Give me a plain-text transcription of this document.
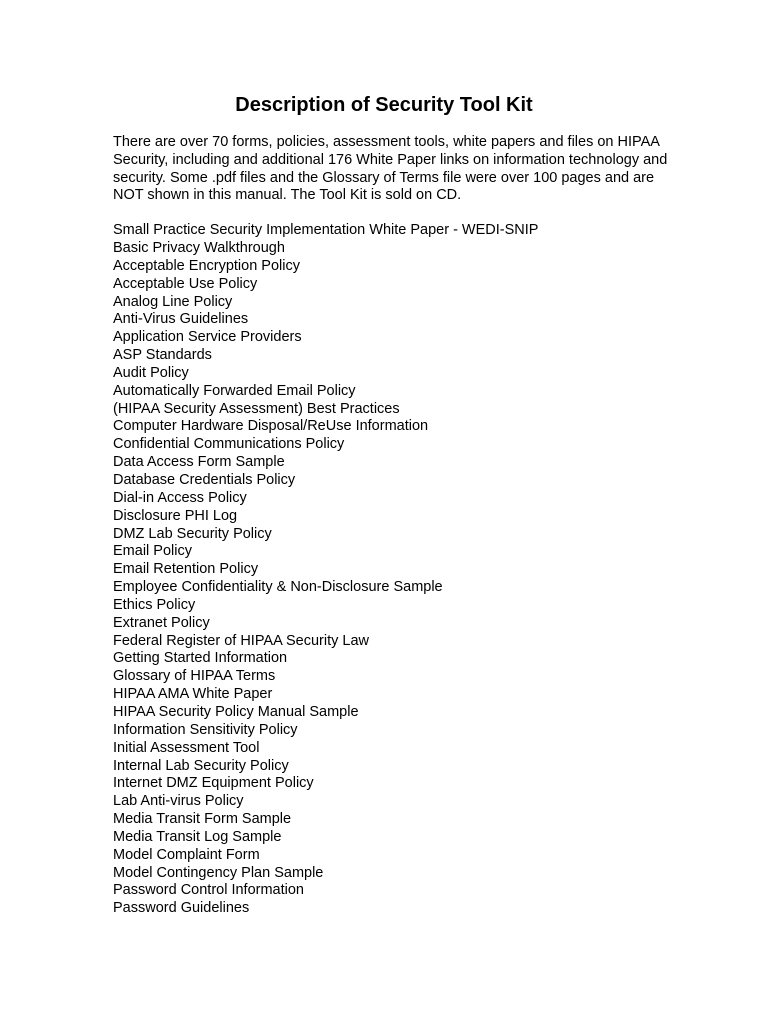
Description of Security Tool Kit

There are over 70 forms, policies, assessment tools, white papers and files on HIPAA Security, including and additional 176 White Paper links on information technology and security. Some .pdf files and the Glossary of Terms file were over 100 pages and are NOT shown in this manual. The Tool Kit is sold on CD.

Small Practice Security Implementation White Paper - WEDI-SNIP
Basic Privacy Walkthrough
Acceptable Encryption Policy
Acceptable Use Policy
Analog Line Policy
Anti-Virus Guidelines
Application Service Providers
ASP Standards
Audit Policy
Automatically Forwarded Email Policy
(HIPAA Security Assessment) Best Practices
Computer Hardware Disposal/ReUse Information
Confidential Communications Policy
Data Access Form Sample
Database Credentials Policy
Dial-in Access Policy
Disclosure PHI Log
DMZ Lab Security Policy
Email Policy
Email Retention Policy
Employee Confidentiality & Non-Disclosure Sample
Ethics Policy
Extranet Policy
Federal Register of HIPAA Security Law
Getting Started Information
Glossary of HIPAA Terms
HIPAA AMA White Paper
HIPAA Security Policy Manual Sample
Information Sensitivity Policy
Initial Assessment Tool
Internal Lab Security Policy
Internet DMZ Equipment Policy
Lab Anti-virus Policy
Media Transit Form Sample
Media Transit Log Sample
Model Complaint Form
Model Contingency Plan Sample
Password Control Information
Password Guidelines
